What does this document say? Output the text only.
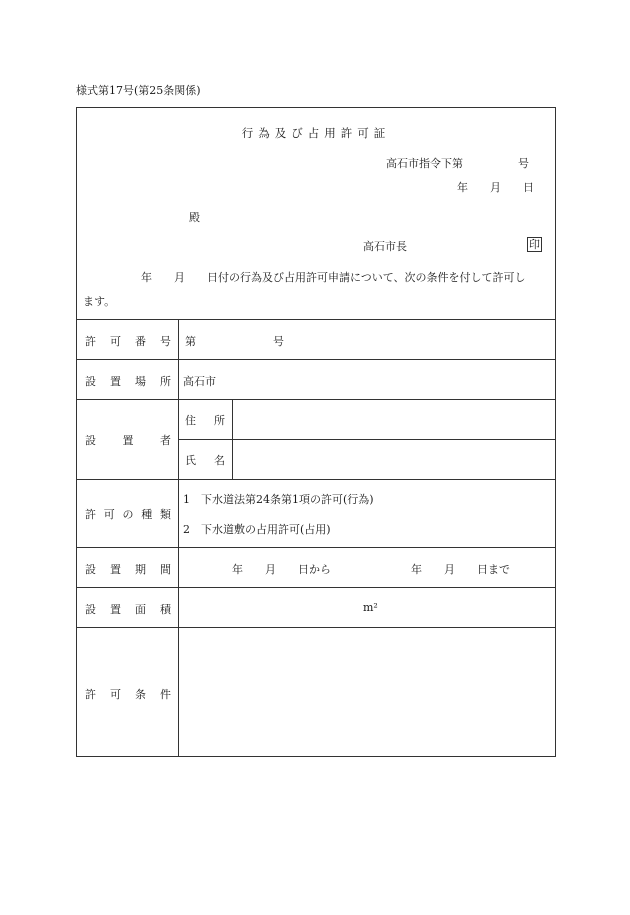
様式第17号(第25条関係)
行為及び占用許可証
高石市指令下第　　　　　号
年　　月　　日
殿
高石市長	印
年　　月　　日付の行為及び占用許可申請について、次の条件を付して許可し
ます。
許 可 番 号 第　　　　　　　号
設 置 場 所 高石市
設 置 者
住 所
氏 名
許 可 の 種 類
1　下水道法第24条第1項の許可(行為)
2　下水道敷の占用許可(占用)
設 置 期 間	年　　月　　日から	年　　月　　日まで
設 置 面 積	m²
許 可 条 件
